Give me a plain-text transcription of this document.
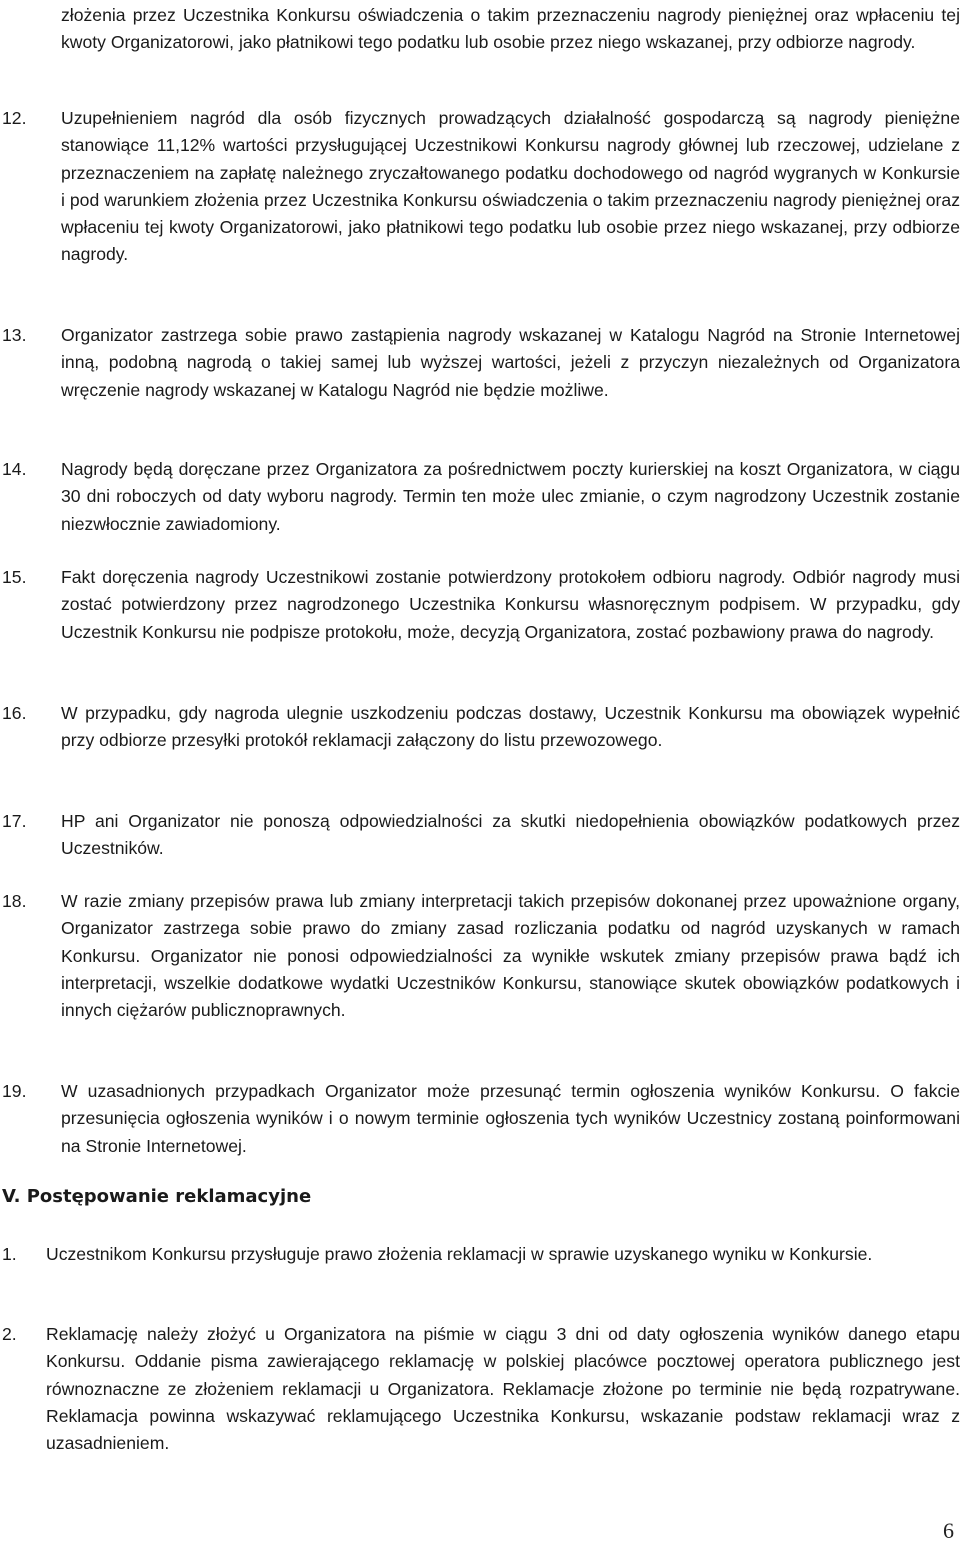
złożenia przez Uczestnika Konkursu oświadczenia o takim przeznaczeniu nagrody pieniężnej oraz wpłaceniu tej kwoty Organizatorowi, jako płatnikowi tego podatku lub osobie przez niego wskazanej, przy odbiorze nagrody.

12. Uzupełnieniem nagród dla osób fizycznych prowadzących działalność gospodarczą są nagrody pieniężne stanowiące 11,12% wartości przysługującej Uczestnikowi Konkursu nagrody głównej lub rzeczowej, udzielane z przeznaczeniem na zapłatę należnego zryczałtowanego podatku dochodowego od nagród wygranych w Konkursie i pod warunkiem złożenia przez Uczestnika Konkursu oświadczenia o takim przeznaczeniu nagrody pieniężnej oraz wpłaceniu tej kwoty Organizatorowi, jako płatnikowi tego podatku lub osobie przez niego wskazanej, przy odbiorze nagrody.
13. Organizator zastrzega sobie prawo zastąpienia nagrody wskazanej w Katalogu Nagród na Stronie Internetowej inną, podobną nagrodą o takiej samej lub wyższej wartości, jeżeli z przyczyn niezależnych od Organizatora wręczenie nagrody wskazanej w Katalogu Nagród nie będzie możliwe.
14. Nagrody będą doręczane przez Organizatora za pośrednictwem poczty kurierskiej na koszt Organizatora, w ciągu 30 dni roboczych od daty wyboru nagrody. Termin ten może ulec zmianie, o czym nagrodzony Uczestnik zostanie niezwłocznie zawiadomiony.
15. Fakt doręczenia nagrody Uczestnikowi zostanie potwierdzony protokołem odbioru nagrody. Odbiór nagrody musi zostać potwierdzony przez nagrodzonego Uczestnika Konkursu własnoręcznym podpisem. W przypadku, gdy Uczestnik Konkursu nie podpisze protokołu, może, decyzją Organizatora, zostać pozbawiony prawa do nagrody.
16. W przypadku, gdy nagroda ulegnie uszkodzeniu podczas dostawy, Uczestnik Konkursu ma obowiązek wypełnić przy odbiorze przesyłki protokół reklamacji załączony do listu przewozowego.
17. HP ani Organizator nie ponoszą odpowiedzialności za skutki niedopełnienia obowiązków podatkowych przez Uczestników.
18. W razie zmiany przepisów prawa lub zmiany interpretacji takich przepisów dokonanej przez upoważnione organy, Organizator zastrzega sobie prawo do zmiany zasad rozliczania podatku od nagród uzyskanych w ramach Konkursu. Organizator nie ponosi odpowiedzialności za wynikłe wskutek zmiany przepisów prawa bądź ich interpretacji, wszelkie dodatkowe wydatki Uczestników Konkursu, stanowiące skutek obowiązków podatkowych i innych ciężarów publicznoprawnych.
19. W uzasadnionych przypadkach Organizator może przesunąć termin ogłoszenia wyników Konkursu. O fakcie przesunięcia ogłoszenia wyników i o nowym terminie ogłoszenia tych wyników Uczestnicy zostaną poinformowani na Stronie Internetowej.
V. Postępowanie reklamacyjne
1. Uczestnikom Konkursu przysługuje prawo złożenia reklamacji w sprawie uzyskanego wyniku w Konkursie.
2. Reklamację należy złożyć u Organizatora na piśmie w ciągu 3 dni od daty ogłoszenia wyników danego etapu Konkursu. Oddanie pisma zawierającego reklamację w polskiej placówce pocztowej operatora publicznego jest równoznaczne ze złożeniem reklamacji u Organizatora. Reklamacje złożone po terminie nie będą rozpatrywane. Reklamacja powinna wskazywać reklamującego Uczestnika Konkursu, wskazanie podstaw reklamacji wraz z uzasadnieniem.
6
